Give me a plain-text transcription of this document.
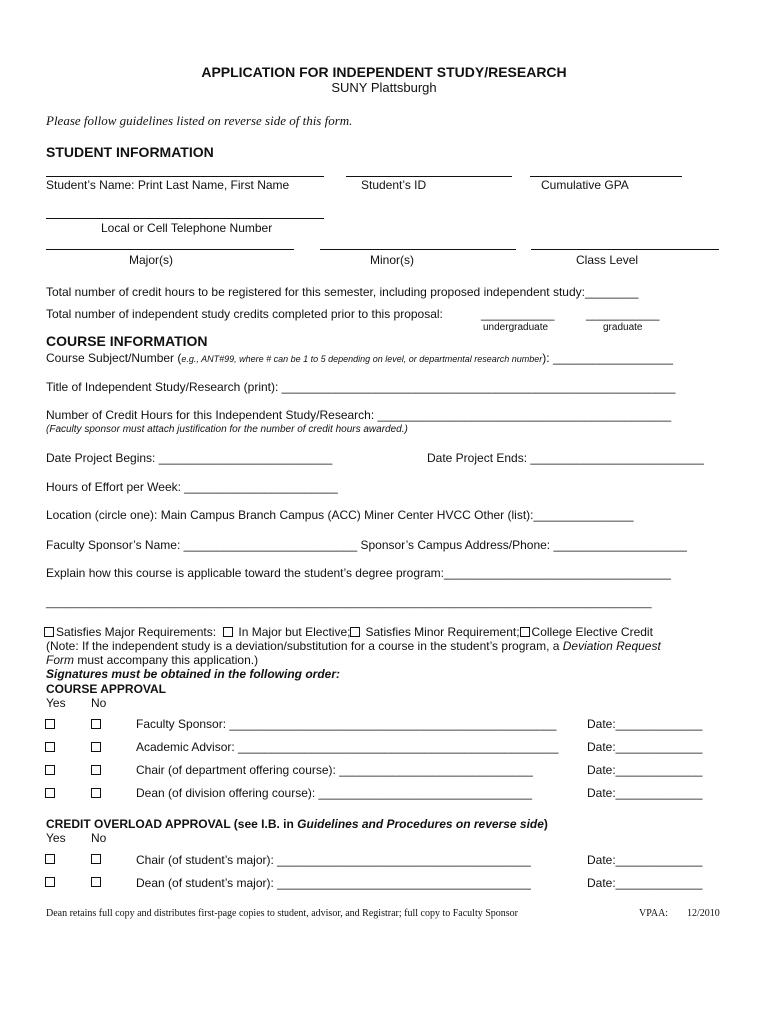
APPLICATION FOR INDEPENDENT STUDY/RESEARCH
SUNY Plattsburgh
Please follow guidelines listed on reverse side of this form.
STUDENT INFORMATION
Student’s Name: Print Last Name, First Name	Student’s ID	Cumulative GPA
Local or Cell Telephone Number
Major(s)	Minor(s)	Class Level
Total number of credit hours to be registered for this semester, including proposed independent study:________
Total number of independent study credits completed prior to this proposal:	___________	___________
undergraduate	graduate
COURSE INFORMATION
Course Subject/Number (e.g., ANT#99, where # can be 1 to 5 depending on level, or departmental research number): __________________
Title of Independent Study/Research (print): ___________________________________________________________
Number of Credit Hours for this Independent Study/Research: ____________________________________________
(Faculty sponsor must attach justification for the number of credit hours awarded.)
Date Project Begins: __________________________	Date Project Ends: __________________________
Hours of Effort per Week: _______________________
Location (circle one): Main Campus Branch Campus (ACC) Miner Center HVCC Other (list):_______________
Faculty Sponsor’s Name: __________________________ Sponsor’s Campus Address/Phone: ____________________
Explain how this course is applicable toward the student’s degree program:__________________________________
___________________________________________________________________________________________________
Satisfies Major Requirements: In Major but Elective; Satisfies Minor Requirement; College Elective Credit
(Note: If the independent study is a deviation/substitution for a course in the student’s program, a Deviation Request
Form must accompany this application.)
Signatures must be obtained in the following order:
COURSE APPROVAL
Yes No
Faculty Sponsor: _________________________________________________	Date:_____________
Academic Advisor: ________________________________________________ Date:_____________
Chair (of department offering course): _____________________________	Date:_____________
Dean (of division offering course): ________________________________	Date:_____________
CREDIT OVERLOAD APPROVAL (see I.B. in Guidelines and Procedures on reverse side)
Yes No
Chair (of student’s major): ______________________________________	Date:_____________
Dean (of student’s major): ______________________________________	Date:_____________
Dean retains full copy and distributes first-page copies to student, advisor, and Registrar; full copy to Faculty Sponsor	VPAA: 12/2010
